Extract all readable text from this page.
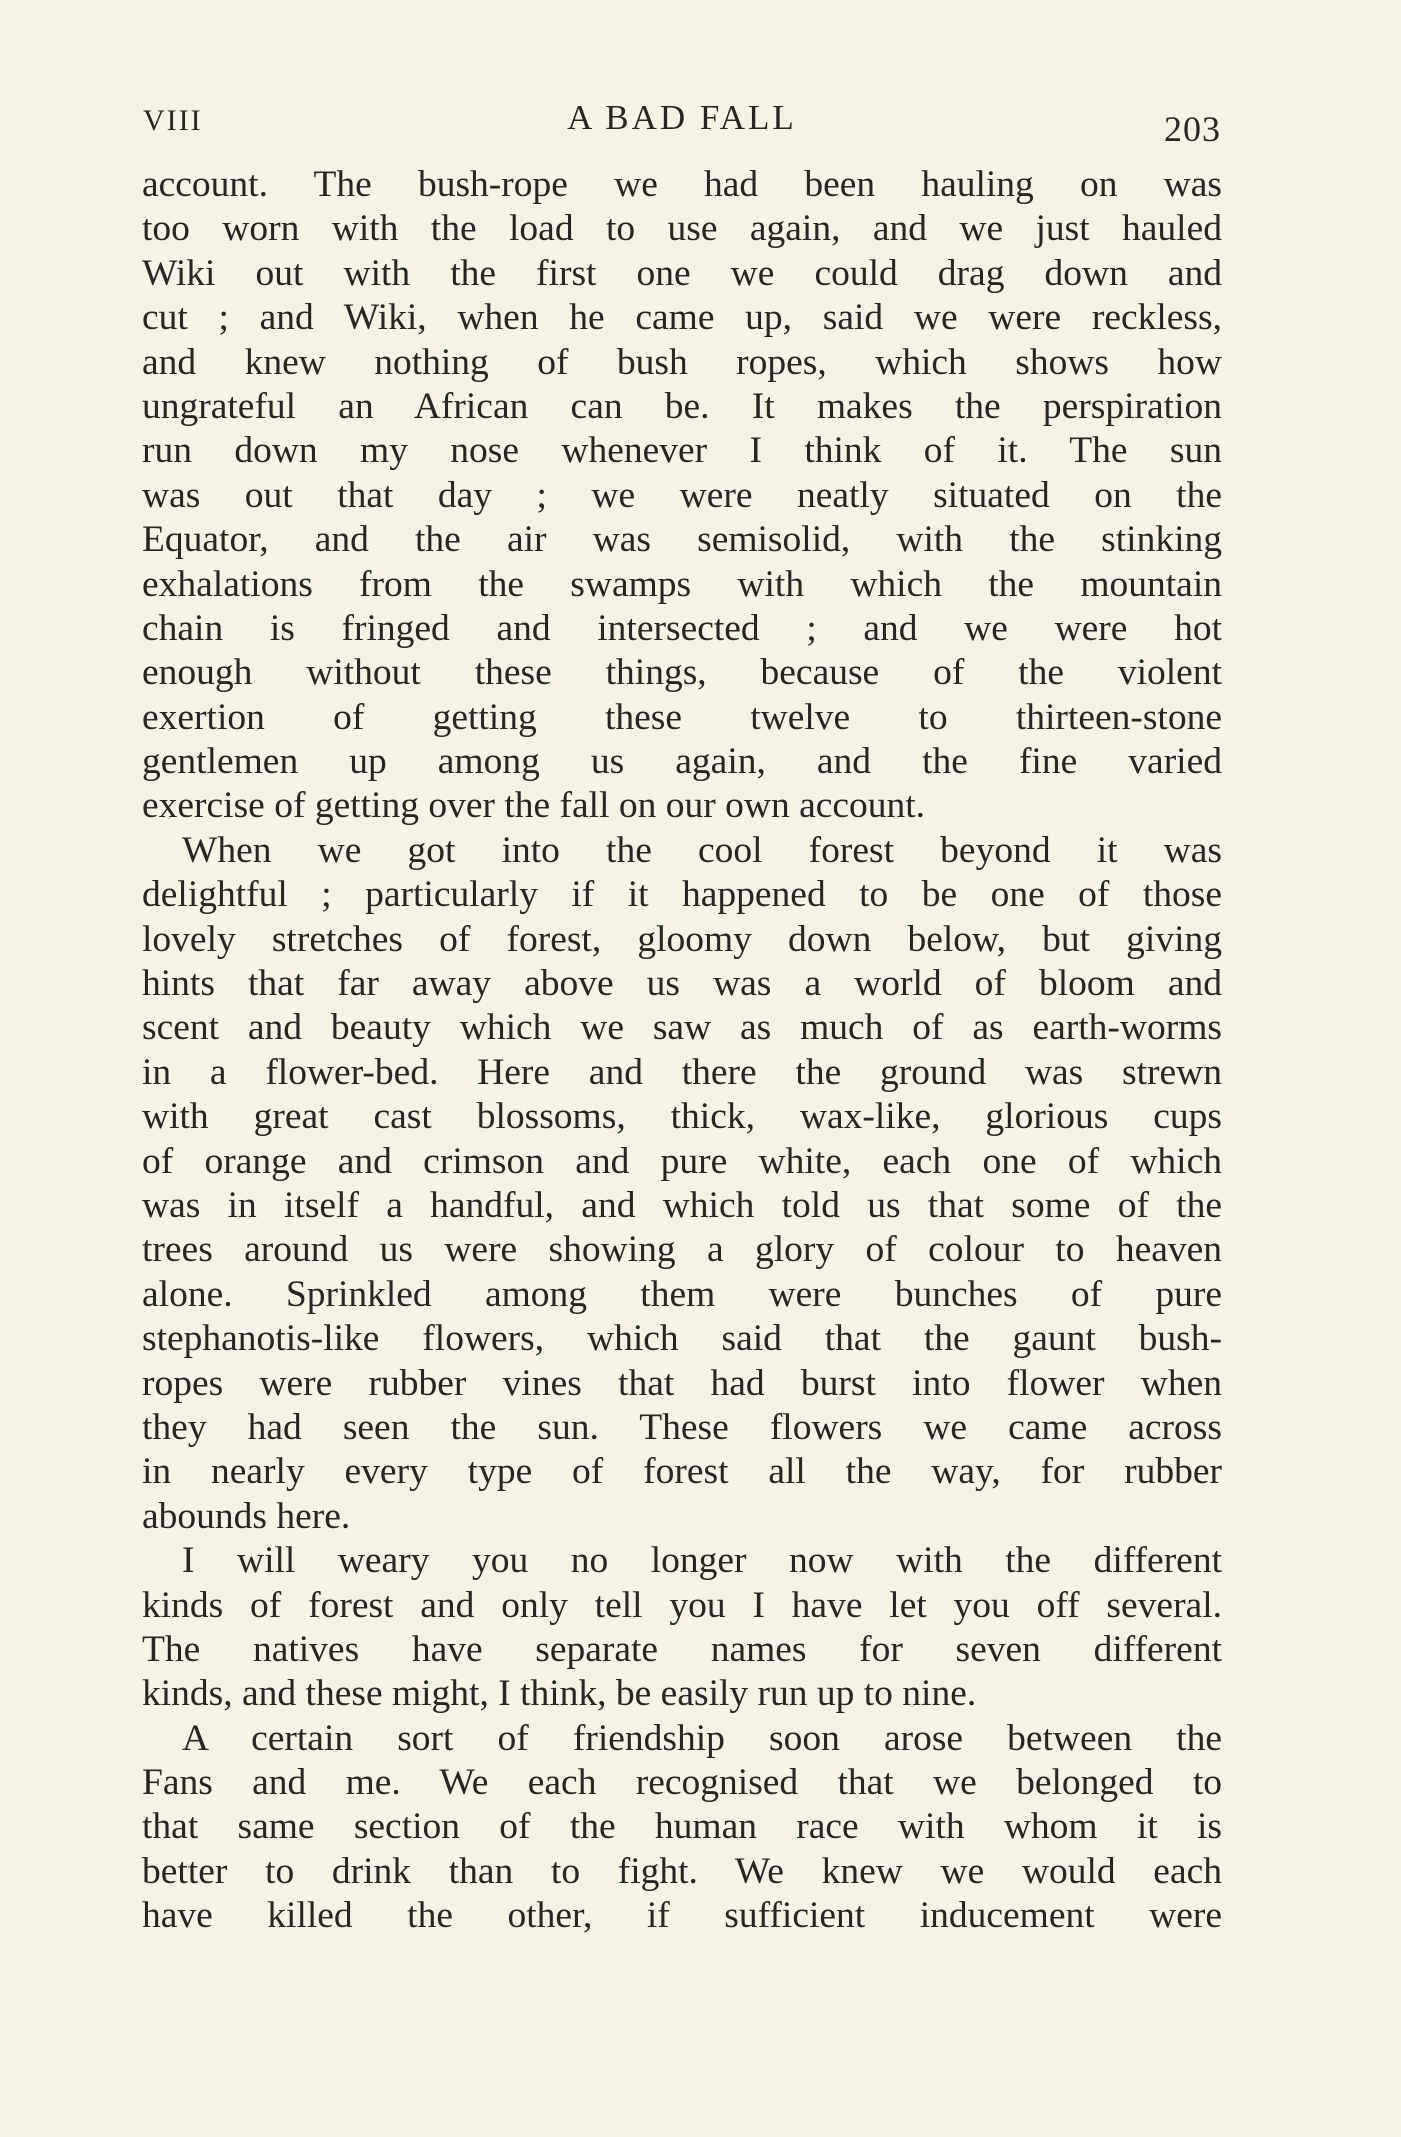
VIII	A BAD FALL	203
account. The bush-rope we had been hauling on was
too worn with the load to use again, and we just hauled
Wiki out with the first one we could drag down and
cut ; and Wiki, when he came up, said we were reckless,
and knew nothing of bush ropes, which shows how
ungrateful an African can be. It makes the perspiration
run down my nose whenever I think of it. The sun
was out that day ; we were neatly situated on the
Equator, and the air was semisolid, with the stinking
exhalations from the swamps with which the mountain
chain is fringed and intersected ; and we were hot
enough without these things, because of the violent
exertion of getting these twelve to thirteen-stone
gentlemen up among us again, and the fine varied
exercise of getting over the fall on our own account.
When we got into the cool forest beyond it was
delightful ; particularly if it happened to be one of those
lovely stretches of forest, gloomy down below, but giving
hints that far away above us was a world of bloom and
scent and beauty which we saw as much of as earth-worms
in a flower-bed. Here and there the ground was strewn
with great cast blossoms, thick, wax-like, glorious cups
of orange and crimson and pure white, each one of which
was in itself a handful, and which told us that some of the
trees around us were showing a glory of colour to heaven
alone. Sprinkled among them were bunches of pure
stephanotis-like flowers, which said that the gaunt bush-
ropes were rubber vines that had burst into flower when
they had seen the sun. These flowers we came across
in nearly every type of forest all the way, for rubber
abounds here.
I will weary you no longer now with the different
kinds of forest and only tell you I have let you off several.
The natives have separate names for seven different
kinds, and these might, I think, be easily run up to nine.
A certain sort of friendship soon arose between the
Fans and me. We each recognised that we belonged to
that same section of the human race with whom it is
better to drink than to fight. We knew we would each
have killed the other, if sufficient inducement were
